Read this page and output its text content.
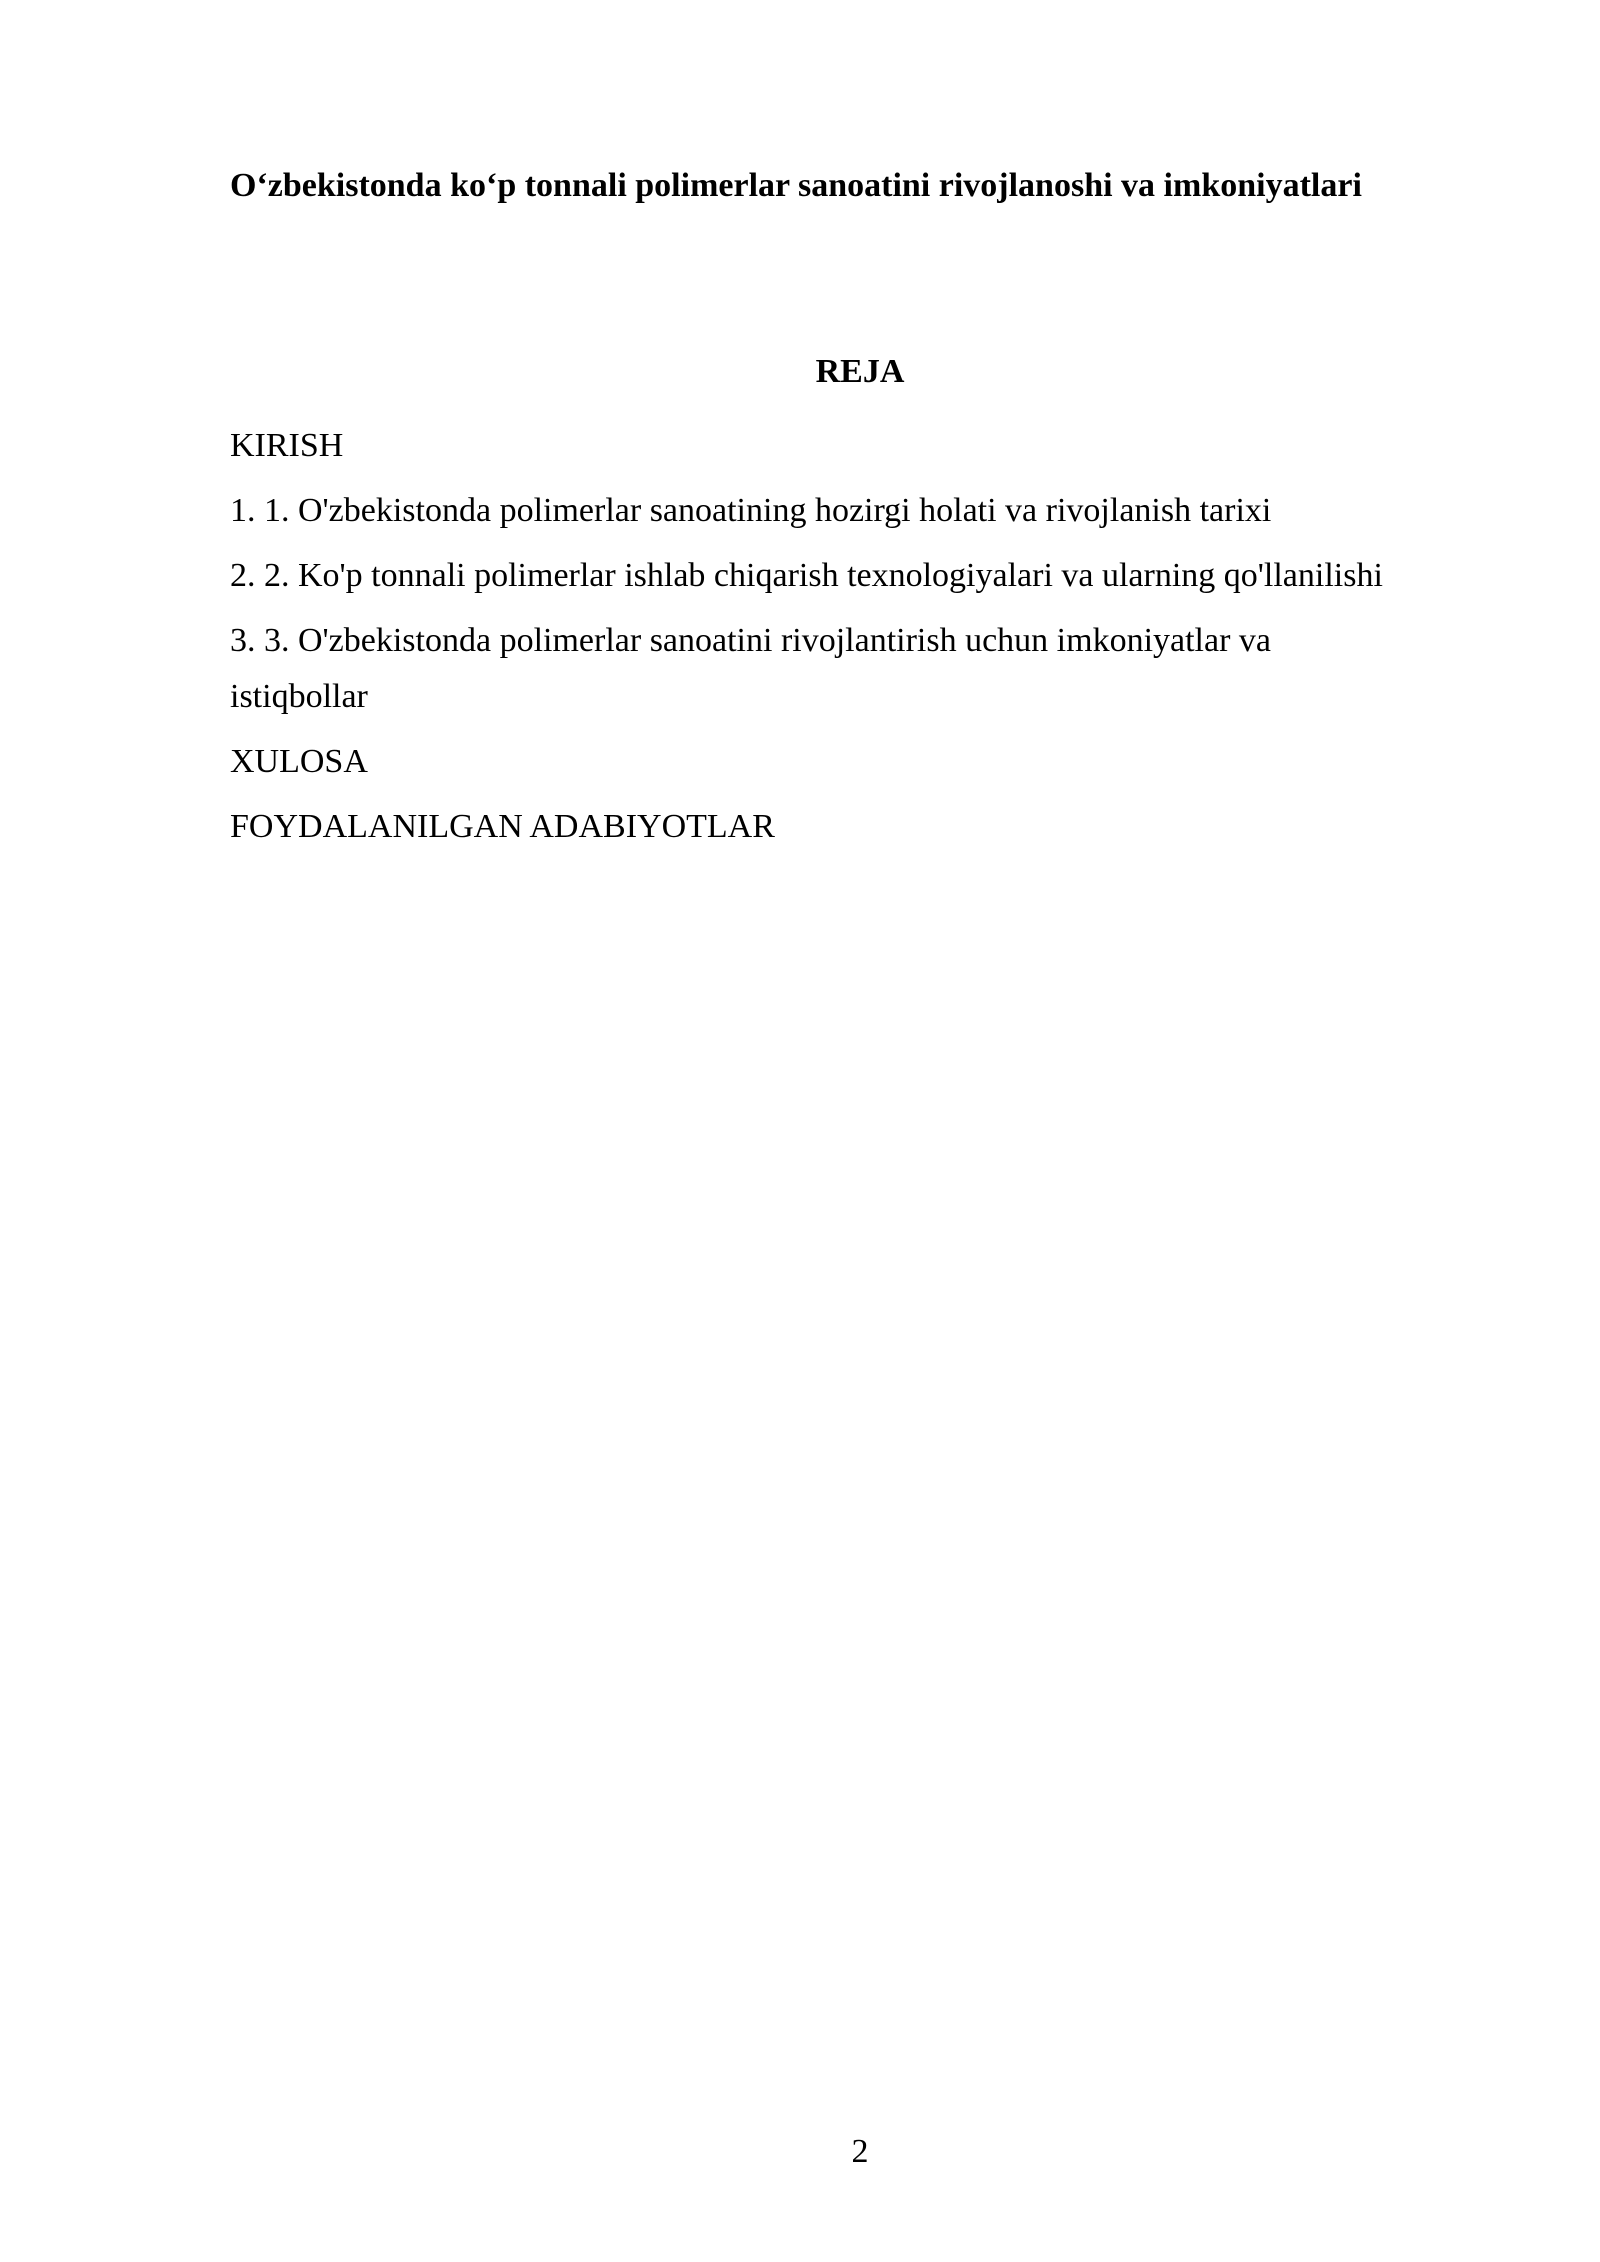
O‘zbekistonda ko‘p tonnali polimerlar sanoatini rivojlanoshi va imkoniyatlari
REJA
KIRISH
1. 1. O'zbekistonda polimerlar sanoatining hozirgi holati va rivojlanish tarixi
2. 2. Ko'p tonnali polimerlar ishlab chiqarish texnologiyalari va ularning qo'llanilishi
3. 3. O'zbekistonda polimerlar sanoatini rivojlantirish uchun imkoniyatlar va istiqbollar
XULOSA
FOYDALANILGAN ADABIYOTLAR
2
